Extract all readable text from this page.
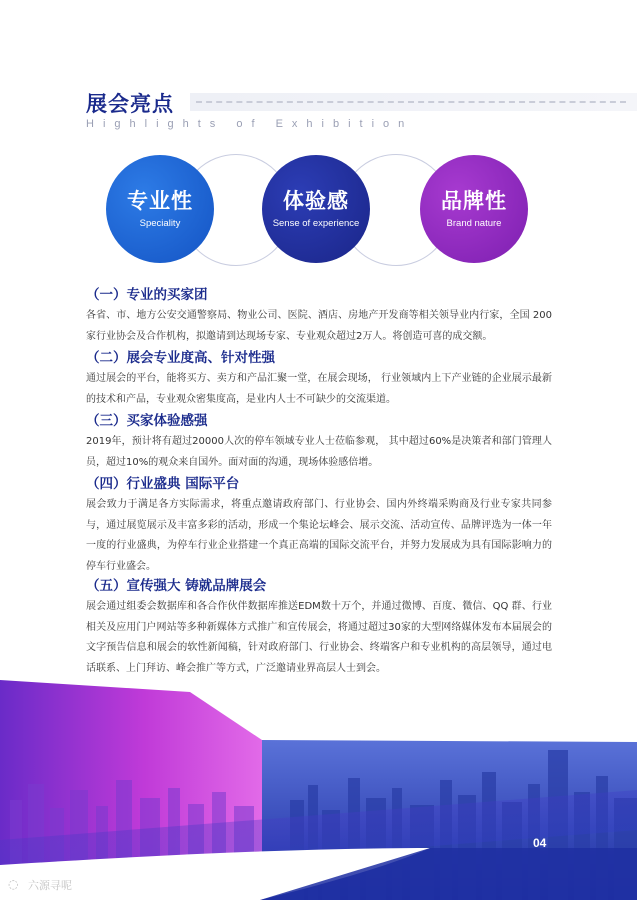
展会亮点
Highlights of Exhibition
专业性
Speciality
体验感
Sense of experience
品牌性
Brand nature
（一）专业的买家团

各省、市、地方公安交通警察局、物业公司、医院、酒店、房地产开发商等相关领导业内行家，全国 200 家行业协会及合作机构，拟邀请到达现场专家、专业观众超过2万人。将创造可喜的成交额。

（二）展会专业度高、针对性强

通过展会的平台，能将买方、卖方和产品汇聚一堂，在展会现场， 行业领域内上下产业链的企业展示最新的技术和产品，专业观众密集度高，是业内人士不可缺少的交流渠道。

（三）买家体验感强

2019年，预计将有超过20000人次的停车领域专业人士莅临参观， 其中超过60%是决策者和部门管理人员，超过10%的观众来自国外。面对面的沟通，现场体验感倍增。

（四）行业盛典 国际平台

展会致力于满足各方实际需求，将重点邀请政府部门、行业协会、国内外终端采购商及行业专家共同参与，通过展览展示及丰富多彩的活动，形成一个集论坛峰会、展示交流、活动宣传、品牌评选为一体一年一度的行业盛典，为停车行业企业搭建一个真正高端的国际交流平台，并努力发展成为具有国际影响力的停车行业盛会。

（五）宣传强大 铸就品牌展会

展会通过组委会数据库和各合作伙伴数据库推送EDM数十万个，并通过微博、百度、微信、QQ 群、行业相关及应用门户网站等多种新媒体方式推广和宣传展会，将通过超过30家的大型网络媒体发布本届展会的文字预告信息和展会的软性新闻稿，针对政府部门、行业协会、终端客户和专业机构的高层领导，通过电话联系、上门拜访、峰会推广等方式，广泛邀请业界高层人士到会。

04
◌ 六源寻呢
